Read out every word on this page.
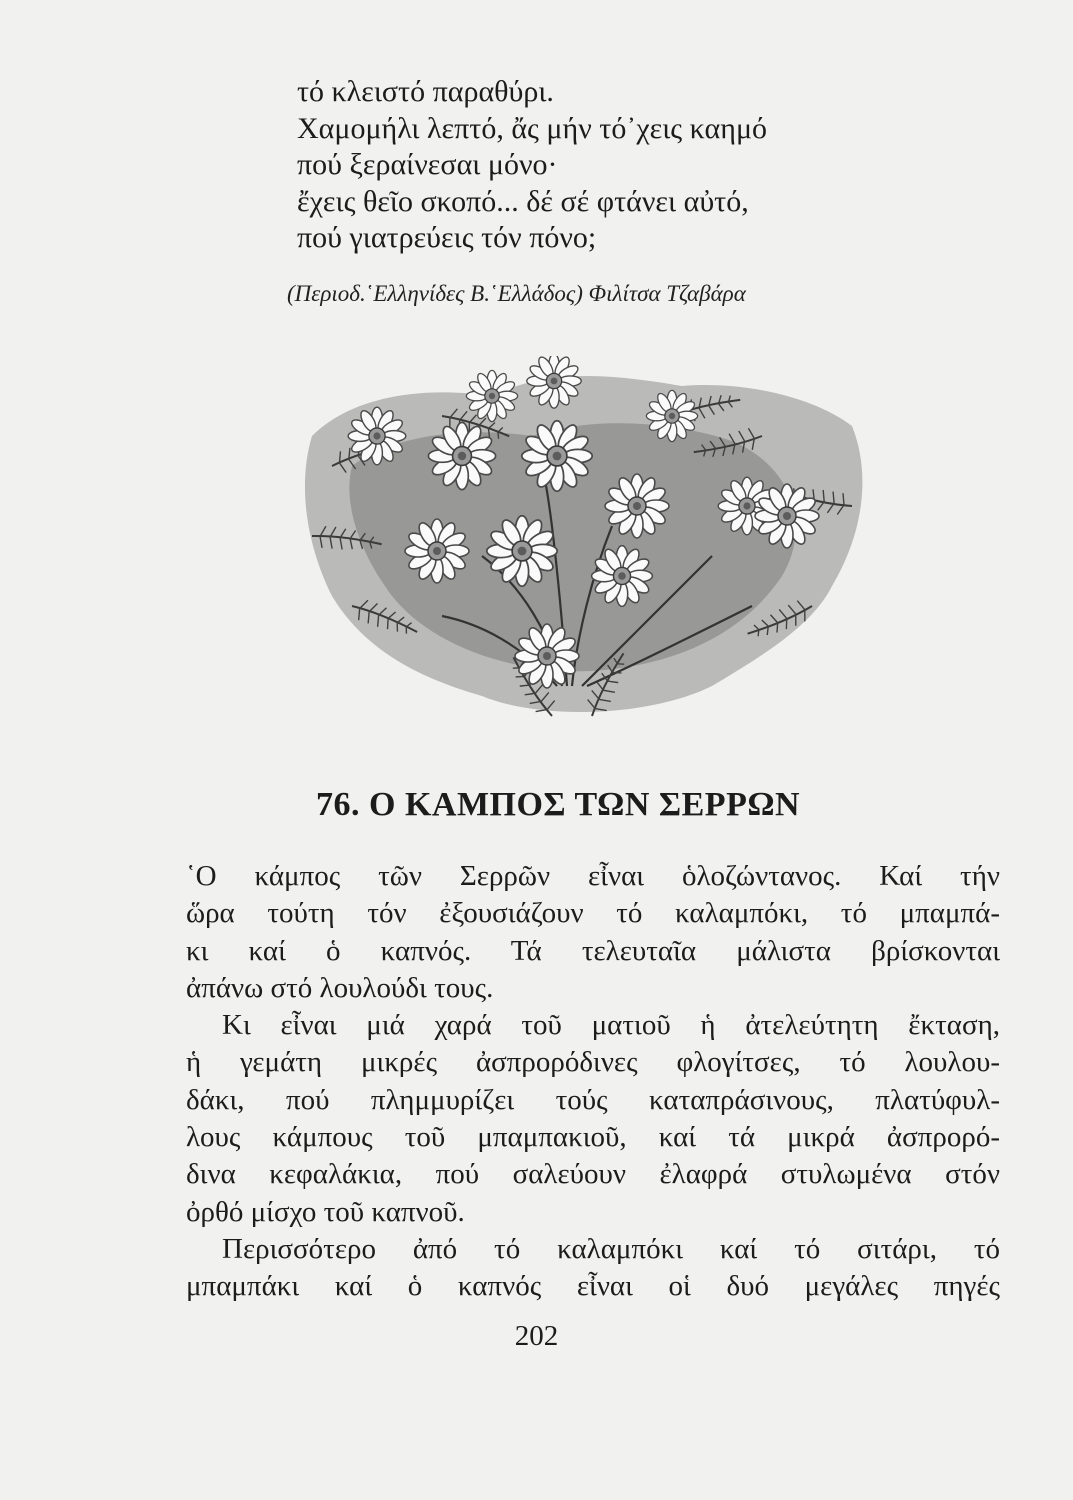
τό κλειστό παραθύρι.
Χαμομήλι λεπτό, ἄς μήν τό᾽χεις καημό
πού ξεραίνεσαι μόνο·
ἔχεις θεῖο σκοπό... δέ σέ φτάνει αὐτό,
πού γιατρεύεις τόν πόνο;
(Περιοδ.῾Ελληνίδες Β.῾Ελλάδος) Φιλίτσα Τζαβάρα
76. Ο ΚΑΜΠΟΣ ΤΩΝ ΣΕΡΡΩΝ
῾Ο κάμπος τῶν Σερρῶν εἶναι ὁλοζώντανος. Καί τήν
ὥρα τούτη τόν ἐξουσιάζουν τό καλαμπόκι, τό μπαμπά-
κι καί ὁ καπνός. Τά τελευταῖα μάλιστα βρίσκονται
ἀπάνω στό λουλούδι τους.
Κι εἶναι μιά χαρά τοῦ ματιοῦ ἡ ἀτελεύτητη ἔκταση,
ἡ γεμάτη μικρές ἀσπρορόδινες φλογίτσες, τό λουλου-
δάκι, πού πλημμυρίζει τούς καταπράσινους, πλατύφυλ-
λους κάμπους τοῦ μπαμπακιοῦ, καί τά μικρά ἀσπρορό-
δινα κεφαλάκια, πού σαλεύουν ἐλαφρά στυλωμένα στόν
ὀρθό μίσχο τοῦ καπνοῦ.
Περισσότερο ἀπό τό καλαμπόκι καί τό σιτάρι, τό
μπαμπάκι καί ὁ καπνός εἶναι οἱ δυό μεγάλες πηγές
202
